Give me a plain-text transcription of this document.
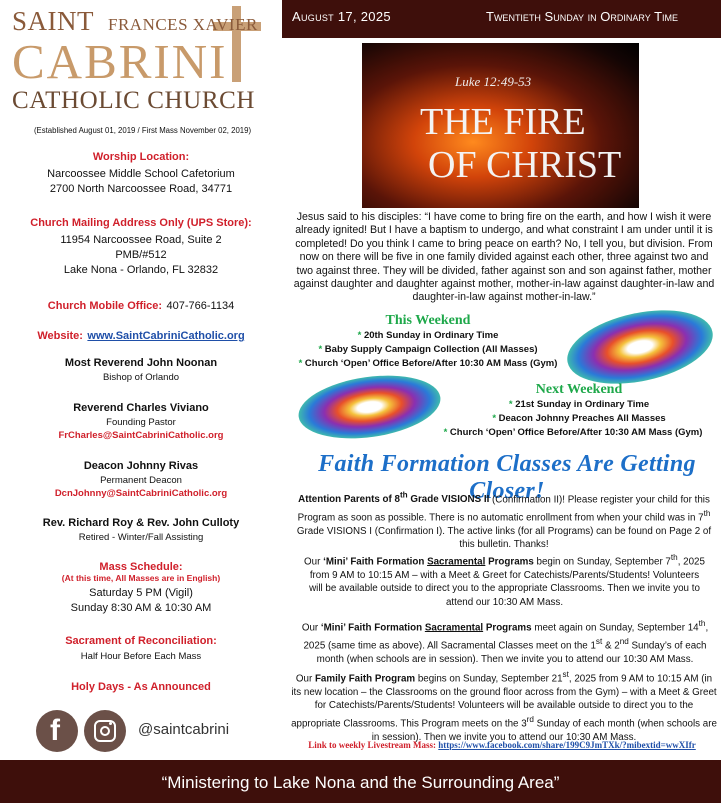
SAINT FRANCES XAVIER
CABRINI
CATHOLIC CHURCH
(Established August 01, 2019 / First Mass November 02, 2019)
Worship Location:
Narcoossee Middle School Cafetorium
2700 North Narcoossee Road, 34771
Church Mailing Address Only (UPS Store):
11954 Narcoossee Road, Suite 2
PMB/#512
Lake Nona - Orlando, FL 32832
Church Mobile Office: 407-766-1134
Website: www.SaintCabriniCatholic.org
Most Reverend John Noonan
Bishop of Orlando
Reverend Charles Viviano
Founding Pastor
FrCharles@SaintCabriniCatholic.org
Deacon Johnny Rivas
Permanent Deacon
DcnJohnny@SaintCabriniCatholic.org
Rev. Richard Roy & Rev. John Culloty
Retired - Winter/Fall Assisting
Mass Schedule:
(At this time, All Masses are in English)
Saturday 5 PM (Vigil)
Sunday 8:30 AM & 10:30 AM
Sacrament of Reconciliation:
Half Hour Before Each Mass
Holy Days - As Announced
f	@saintcabrini
August 17, 2025	Twentieth Sunday in Ordinary Time
Luke 12:49-53
THE FIRE
OF CHRIST
Jesus said to his disciples: “I have come to bring fire on the earth, and how I wish it were already ignited! But I have a baptism to undergo, and what constraint I am under until it is completed! Do you think I came to bring peace on earth? No, I tell you, but division. From now on there will be five in one family divided against each other, three against two and two against three. They will be divided, father against son and son against father, mother against daughter and daughter against mother, mother-in-law against daughter-in-law and daughter-in-law against mother-in-law.”
This Weekend
* 20th Sunday in Ordinary Time
* Baby Supply Campaign Collection (All Masses)
* Church ‘Open’ Office Before/After 10:30 AM Mass (Gym)
Next Weekend
* 21st Sunday in Ordinary Time
* Deacon Johnny Preaches All Masses
* Church ‘Open’ Office Before/After 10:30 AM Mass (Gym)
Faith Formation Classes Are Getting Closer!
Attention Parents of 8th Grade VISIONS II (Confirmation II)! Please register your child for this Program as soon as possible. There is no automatic enrollment from when your child was in 7th Grade VISIONS I (Confirmation I). The active links (for all Programs) can be found on Page 2 of this bulletin. Thanks!
Our ‘Mini’ Faith Formation Sacramental Programs begin on Sunday, September 7th, 2025 from 9 AM to 10:15 AM – with a Meet & Greet for Catechists/Parents/Students! Volunteers will be available outside to direct you to the appropriate Classrooms. Then we invite you to attend our 10:30 AM Mass.
Our ‘Mini’ Faith Formation Sacramental Programs meet again on Sunday, September 14th, 2025 (same time as above). All Sacramental Classes meet on the 1st & 2nd Sunday’s of each month (when schools are in session). Then we invite you to attend our 10:30 AM Mass.
Our Family Faith Program begins on Sunday, September 21st, 2025 from 9 AM to 10:15 AM (in its new location – the Classrooms on the ground floor across from the Gym) – with a Meet & Greet for Catechists/Parents/Students! Volunteers will be available outside to direct you to the appropriate Classrooms. This Program meets on the 3rd Sunday of each month (when schools are in session). Then we invite you to attend our 10:30 AM Mass.
Link to weekly Livestream Mass: https://www.facebook.com/share/199C9JmTXk/?mibextid=wwXIfr
“Ministering to Lake Nona and the Surrounding Area”
